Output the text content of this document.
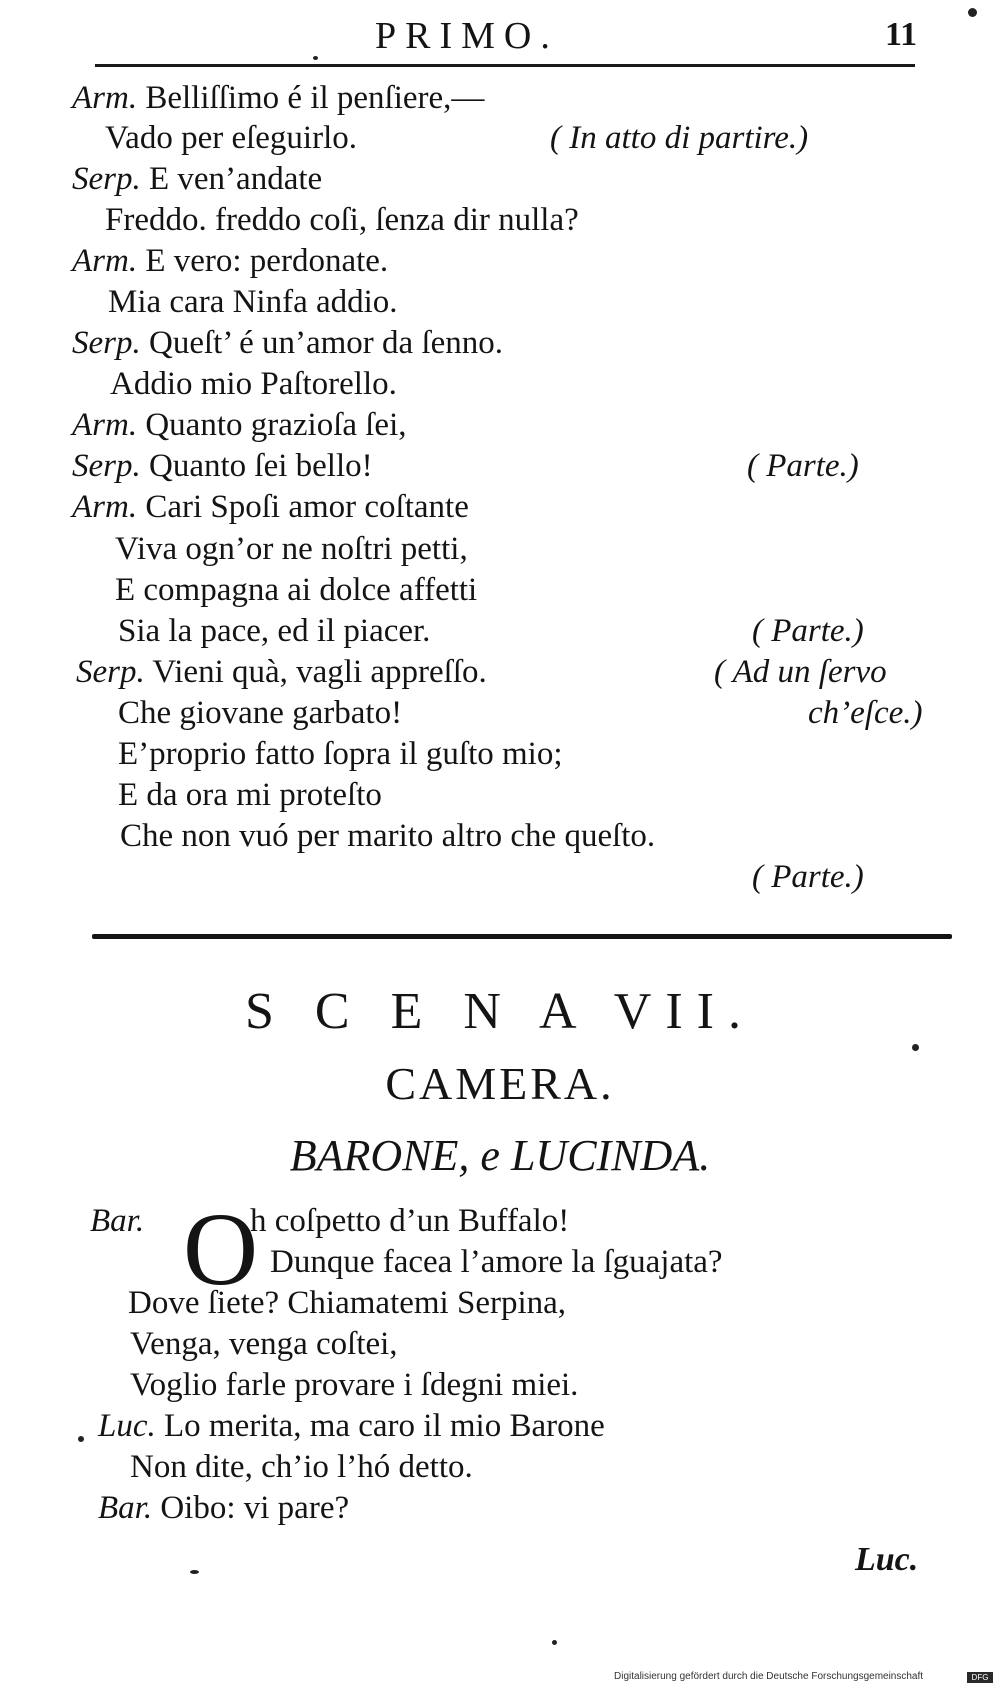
PRIMO.	11
Arm. Belliſſimo é il penſiere,—
Vado per eſeguirlo.
Serp. E ven’andate
Freddo. freddo coſi, ſenza dir nulla?
Arm. E vero: perdonate.
Mia cara Ninfa addio.
Serp. Queſt’ é un’amor da ſenno.
Addio mio Paſtorello.
Arm. Quanto grazioſa ſei,
Serp. Quanto ſei bello!
Arm. Cari Spoſi amor coſtante
Viva ogn’or ne noſtri petti,
E compagna ai dolce affetti
Sia la pace, ed il piacer.
Serp. Vieni quà, vagli appreſſo.
Che giovane garbato!
E’proprio fatto ſopra il guſto mio;
E da ora mi proteſto
Che non vuó per marito altro che queſto.
( In atto di partire.)
( Parte.)
( Parte.)
( Ad un ſervo
ch’eſce.)
( Parte.)
S C E N A VII.
CAMERA.
BARONE, e LUCINDA.
Bar. O
h coſpetto d’un Buffalo!
Dunque facea l’amore la ſguajata?
Dove ſiete? Chiamatemi Serpina,
Venga, venga coſtei,
Voglio farle provare i ſdegni miei.
Luc. Lo merita, ma caro il mio Barone
Non dite, ch’io l’hó detto.
Bar. Oibo: vi pare?
Luc.
Digitalisierung gefördert durch die Deutsche Forschungsgemeinschaft	DFG
